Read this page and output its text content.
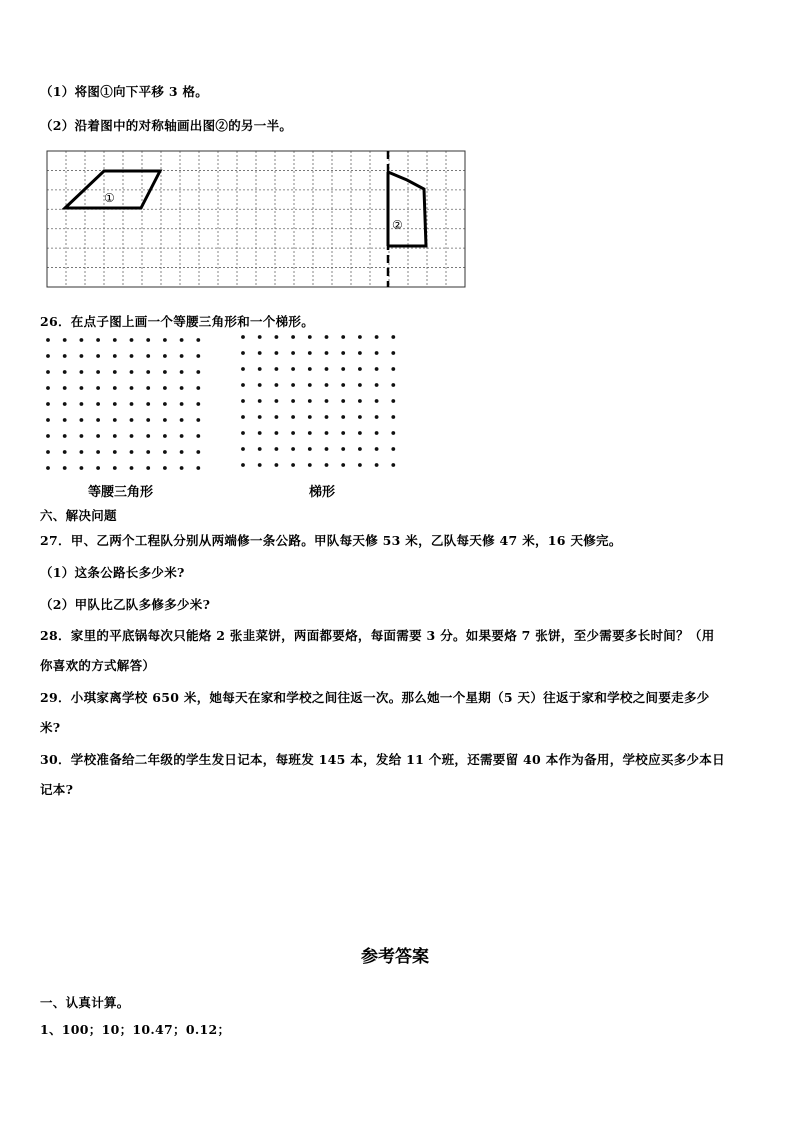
（1）将图①向下平移 3 格。
（2）沿着图中的对称轴画出图②的另一半。
①
②
26．在点子图上画一个等腰三角形和一个梯形。
等腰三角形	梯形
六、解决问题
27．甲、乙两个工程队分别从两端修一条公路。甲队每天修 53 米，乙队每天修 47 米，16 天修完。
（1）这条公路长多少米?
（2）甲队比乙队多修多少米?
28．家里的平底锅每次只能烙 2 张韭菜饼，两面都要烙，每面需要 3 分。如果要烙 7 张饼，至少需要多长时间？（用
你喜欢的方式解答）
29．小琪家离学校 650 米，她每天在家和学校之间往返一次。那么她一个星期（5 天）往返于家和学校之间要走多少
米?
30．学校准备给二年级的学生发日记本，每班发 145 本，发给 11 个班，还需要留 40 本作为备用，学校应买多少本日
记本?
参考答案
一、认真计算。
1、100；10；10.47；0.12；
